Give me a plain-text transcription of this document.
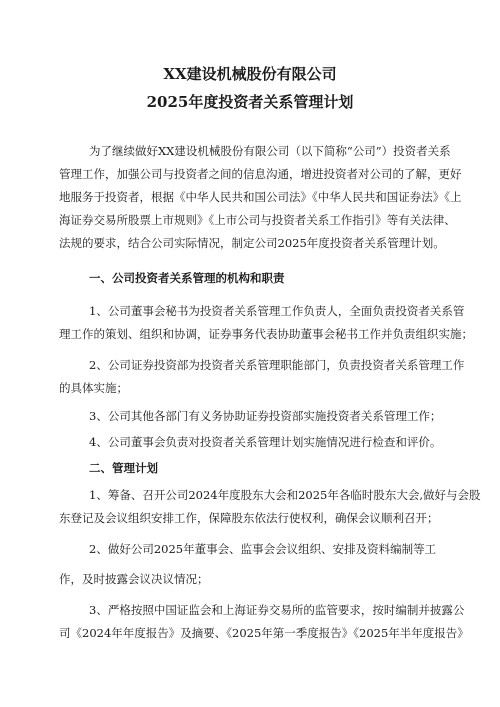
XX建设机械股份有限公司
2025年度投资者关系管理计划
为了继续做好XX建设机械股份有限公司（以下简称“公司”）投资者关系
管理工作，加强公司与投资者之间的信息沟通，增进投资者对公司的了解，更好
地服务于投资者，根据《中华人民共和国公司法》《中华人民共和国证券法》《上
海证券交易所股票上市规则》《上市公司与投资者关系工作指引》等有关法律、
法规的要求，结合公司实际情况，制定公司2025年度投资者关系管理计划。
一、公司投资者关系管理的机构和职责
1、公司董事会秘书为投资者关系管理工作负责人，全面负责投资者关系管
理工作的策划、组织和协调，证券事务代表协助董事会秘书工作并负责组织实施；
2、公司证券投资部为投资者关系管理职能部门，负责投资者关系管理工作
的具体实施；
3、公司其他各部门有义务协助证券投资部实施投资者关系管理工作；
4、公司董事会负责对投资者关系管理计划实施情况进行检查和评价。
二、管理计划
1、筹备、召开公司2024年度股东大会和2025年各临时股东大会,做好与会股
东登记及会议组织安排工作，保障股东依法行使权利，确保会议顺利召开；
2、做好公司2025年董事会、监事会会议组织、安排及资料编制等工
作，及时披露会议决议情况；
3、严格按照中国证监会和上海证券交易所的监管要求，按时编制并披露公
司《2024年年度报告》及摘要、《2025年第一季度报告》《2025年半年度报告》
